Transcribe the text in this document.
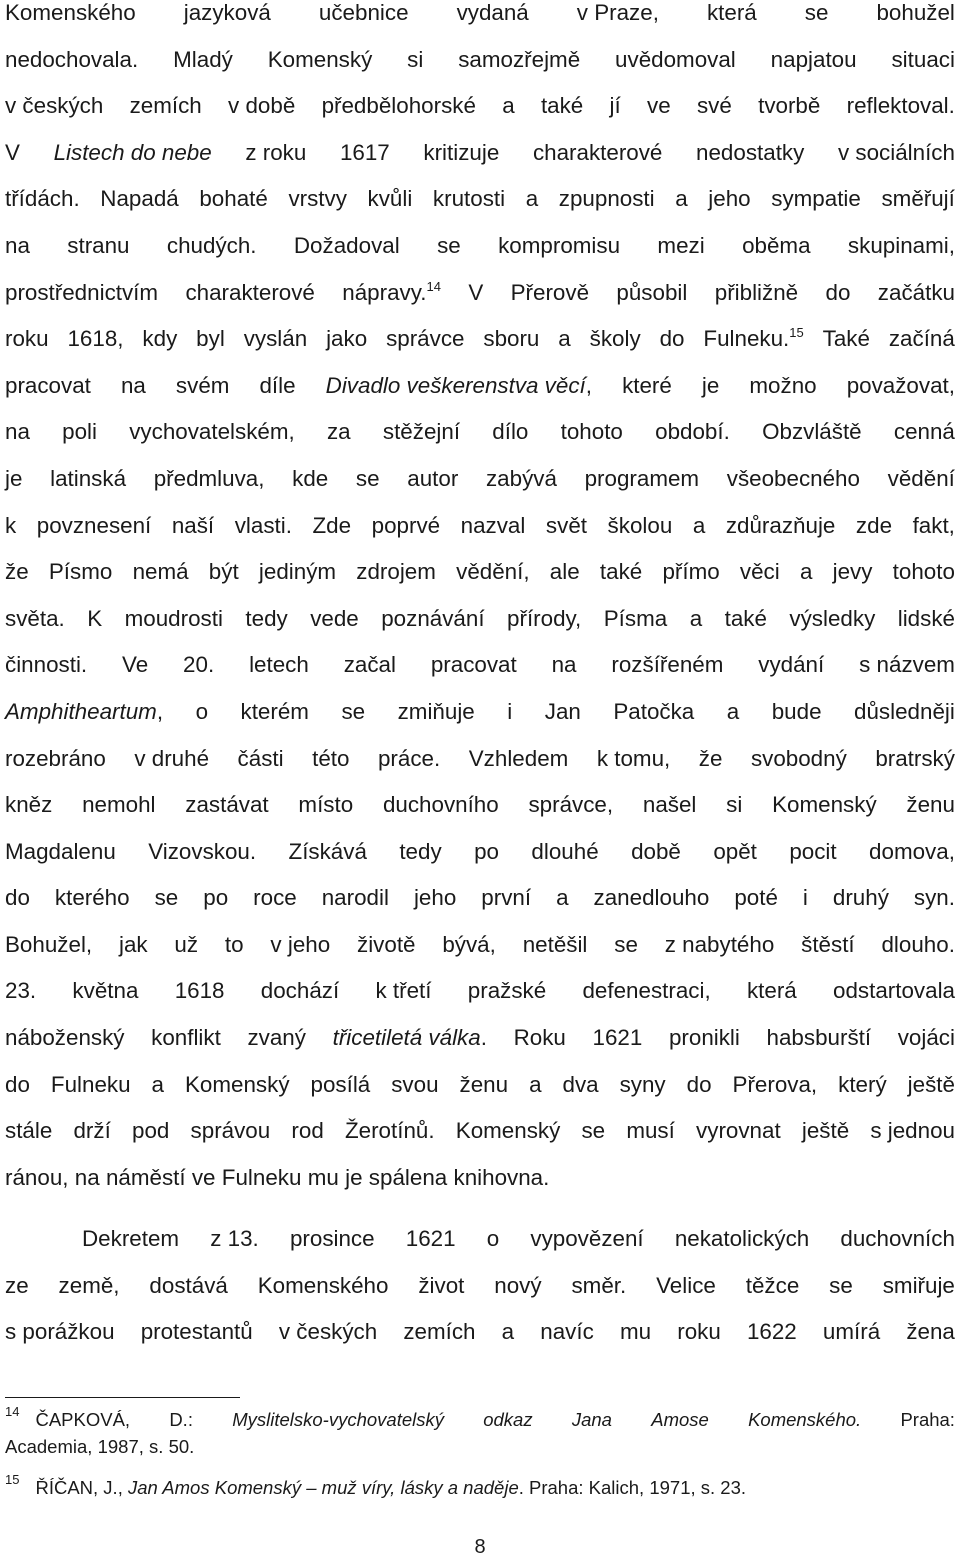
Komenského jazyková učebnice vydaná v Praze, která se bohužel
nedochovala. Mladý Komenský si samozřejmě uvědomoval napjatou situaci
v českých zemích v době předbělohorské a také jí ve své tvorbě reflektoval.
V Listech do nebe z roku 1617 kritizuje charakterové nedostatky v sociálních
třídách. Napadá bohaté vrstvy kvůli krutosti a zpupnosti a jeho sympatie směřují
na stranu chudých. Dožadoval se kompromisu mezi oběma skupinami,
prostřednictvím charakterové nápravy.$^{14}$ V Přerově působil přibližně do začátku
roku 1618, kdy byl vyslán jako správce sboru a školy do Fulneku.$^{15}$ Také začíná
pracovat na svém díle Divadlo veškerenstva věcí, které je možno považovat,
na poli vychovatelském, za stěžejní dílo tohoto období. Obzvláště cenná
je latinská předmluva, kde se autor zabývá programem všeobecného vědění
k povznesení naší vlasti. Zde poprvé nazval svět školou a zdůrazňuje zde fakt,
že Písmo nemá být jediným zdrojem vědění, ale také přímo věci a jevy tohoto
světa. K moudrosti tedy vede poznávání přírody, Písma a také výsledky lidské
činnosti. Ve 20. letech začal pracovat na rozšířeném vydání s názvem
Amphitheartum, o kterém se zmiňuje i Jan Patočka a bude důsledněji
rozebráno v druhé části této práce. Vzhledem k tomu, že svobodný bratrský
kněz nemohl zastávat místo duchovního správce, našel si Komenský ženu
Magdalenu Vizovskou. Získává tedy po dlouhé době opět pocit domova,
do kterého se po roce narodil jeho první a zanedlouho poté i druhý syn.
Bohužel, jak už to v jeho životě bývá, netěšil se z nabytého štěstí dlouho.
23. května 1618 dochází k třetí pražské defenestraci, která odstartovala
náboženský konflikt zvaný třicetiletá válka. Roku 1621 pronikli habsburští vojáci
do Fulneku a Komenský posílá svou ženu a dva syny do Přerova, který ještě
stále drží pod správou rod Žerotínů. Komenský se musí vyrovnat ještě s jednou
ránou, na náměstí ve Fulneku mu je spálena knihovna.
Dekretem z 13. prosince 1621 o vypovězení nekatolických duchovních
ze země, dostává Komenského život nový směr. Velice těžce se smiřuje
s porážkou protestantů v českých zemích a navíc mu roku 1622 umírá žena
$^{14}$ ČAPKOVÁ, D.: Myslitelsko-vychovatelský odkaz Jana Amose Komenského. Praha:
Academia, 1987, s. 50.
$^{15}$ ŘÍČAN, J., Jan Amos Komenský – muž víry, lásky a naděje. Praha: Kalich, 1971, s. 23.
8
